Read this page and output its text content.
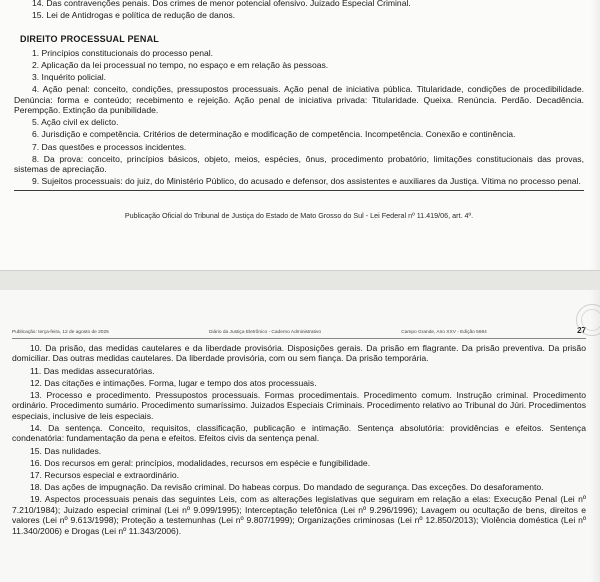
14. Das contravenções penais. Dos crimes de menor potencial ofensivo. Juizado Especial Criminal.

15. Lei de Antidrogas e política de redução de danos.

DIREITO PROCESSUAL PENAL

1. Princípios constitucionais do processo penal.

2. Aplicação da lei processual no tempo, no espaço e em relação às pessoas.

3. Inquérito policial.

4. Ação penal: conceito, condições, pressupostos processuais. Ação penal de iniciativa pública. Titularidade, condições de procedibilidade. Denúncia: forma e conteúdo; recebimento e rejeição. Ação penal de iniciativa privada: Titularidade. Queixa. Renúncia. Perdão. Decadência. Perempção. Extinção da punibilidade.

5. Ação civil ex delicto.

6. Jurisdição e competência. Critérios de determinação e modificação de competência. Incompetência. Conexão e continência.

7. Das questões e processos incidentes.

8. Da prova: conceito, princípios básicos, objeto, meios, espécies, ônus, procedimento probatório, limitações constitucionais das provas, sistemas de apreciação.

9. Sujeitos processuais: do juiz, do Ministério Público, do acusado e defensor, dos assistentes e auxiliares da Justiça. Vítima no processo penal.

Publicação Oficial do Tribunal de Justiça do Estado de Mato Grosso do Sul - Lei Federal nº 11.419/06, art. 4º.
Publicação: terça-feira, 12 de agosto de 2025	Diário da Justiça Eletrônico - Caderno Administrativo	Campo Grande, Ano XXV - Edição 5694	27

10. Da prisão, das medidas cautelares e da liberdade provisória. Disposições gerais. Da prisão em flagrante. Da prisão preventiva. Da prisão domiciliar. Das outras medidas cautelares. Da liberdade provisória, com ou sem fiança. Da prisão temporária.

11. Das medidas assecuratórias.

12. Das citações e intimações. Forma, lugar e tempo dos atos processuais.

13. Processo e procedimento. Pressupostos processuais. Formas procedimentais. Procedimento comum. Instrução criminal. Procedimento ordinário. Procedimento sumário. Procedimento sumaríssimo. Juizados Especiais Criminais. Procedimento relativo ao Tribunal do Júri. Procedimentos especiais, inclusive de leis especiais.

14. Da sentença. Conceito, requisitos, classificação, publicação e intimação. Sentença absolutória: providências e efeitos. Sentença condenatória: fundamentação da pena e efeitos. Efeitos civis da sentença penal.

15. Das nulidades.

16. Dos recursos em geral: princípios, modalidades, recursos em espécie e fungibilidade.

17. Recursos especial e extraordinário.

18. Das ações de impugnação. Da revisão criminal. Do habeas corpus. Do mandado de segurança. Das exceções. Do desaforamento.

19. Aspectos processuais penais das seguintes Leis, com as alterações legislativas que seguiram em relação a elas: Execução Penal (Lei nº 7.210/1984); Juizado especial criminal (Lei nº 9.099/1995); Interceptação telefônica (Lei nº 9.296/1996); Lavagem ou ocultação de bens, direitos e valores (Lei nº 9.613/1998); Proteção a testemunhas (Lei nº 9.807/1999); Organizações criminosas (Lei nº 12.850/2013); Violência doméstica (Lei nº 11.340/2006) e Drogas (Lei nº 11.343/2006).
